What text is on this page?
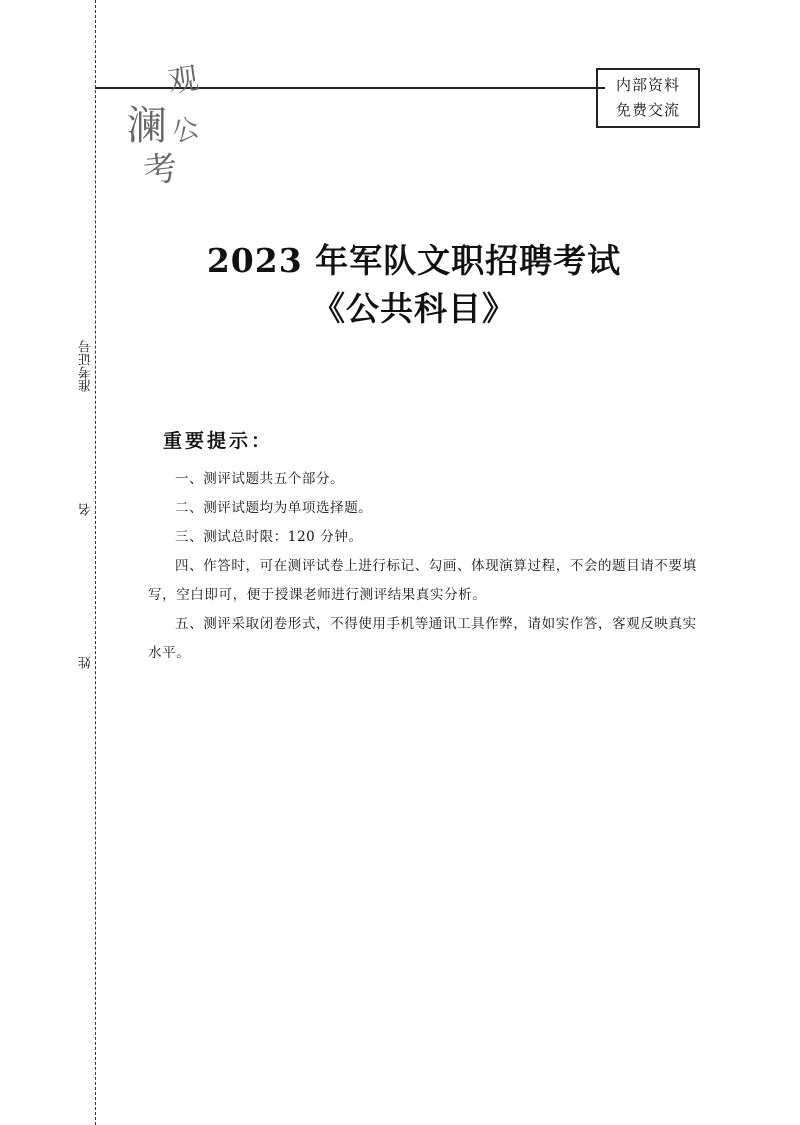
观
澜 公
考
内部资料
免费交流
准考证号
名
姓
2023 年军队文职招聘考试
《公共科目》
重要提示：

一、测评试题共五个部分。

二、测评试题均为单项选择题。

三、测试总时限：120 分钟。

四、作答时，可在测评试卷上进行标记、勾画、体现演算过程，不会的题目请不要填写，空白即可，便于授课老师进行测评结果真实分析。

五、测评采取闭卷形式，不得使用手机等通讯工具作弊，请如实作答，客观反映真实水平。
